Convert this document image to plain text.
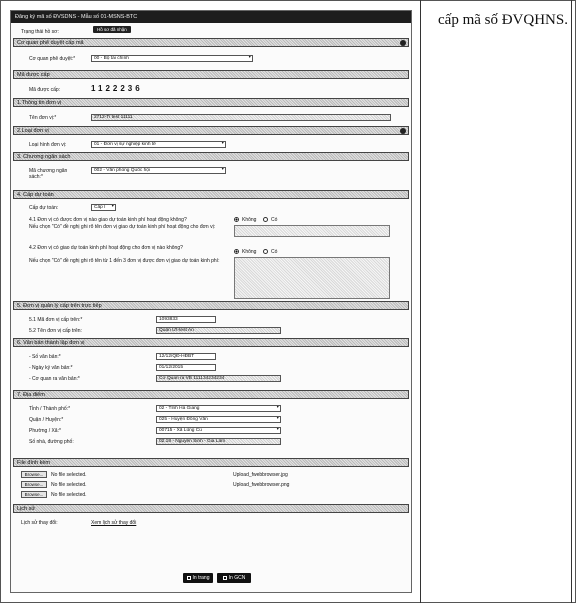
cấp mã số ĐVQHNS.
Đăng ký mã số ĐVSDNS - Mẫu số 01-MSNS-BTC
Trạng thái hồ sơ:	Hồ sơ đã nhận
Cơ quan phê duyệt cấp mã
Cơ quan phê duyệt:*	00 - Bộ tài chính ▾
Mã được cấp
Mã được cấp:	1122236
1.Thông tin đơn vị
Tên đơn vị:*	2712-Tỉ test 11111
2.Loại đơn vị
Loại hình đơn vị:	01 - Đơn vị sự nghiệp kinh tế ▾
3. Chương ngân sách
Mã chương ngân sách:*
002 - Văn phòng Quốc hội ▾
4. Cấp dự toán
Cấp dự toán:	Cấp I ▾
4.1 Đơn vị có được đơn vị nào giao dự toán kinh phí hoạt động không?	Không	Có
Nếu chọn "Có" đề nghị ghi rõ tên đơn vị giao dự toán kinh phí hoạt động cho đơn vị:
4.2 Đơn vị có giao dự toán kinh phí hoạt động cho đơn vị nào không?
Không	Có
Nếu chọn "Có" đề nghị ghi rõ tên từ 1 đến 3 đơn vị được đơn vị giao dự toán kinh phí:
5. Đơn vị quản lý cấp trên trực tiếp
5.1 Mã đơn vị cấp trên:*	1093833
5.2 Tên đơn vị cấp trên:	Quận Ưt-test An
6. Văn bản thành lập đơn vị
- Số văn bản:*	12/12/QĐ-HĐBT
- Ngày ký văn bản:*	01/12/2015
- Cơ quan ra văn bản:*	Cơ Quan ra VB 111134234234
7. Địa điểm
Tỉnh / Thành phố:*	02 - Tỉnh Hà Giang ▾
Quận / Huyện:*	025 - Huyện Đồng Văn ▾
Phường / Xã:*	00715 - Xã Lũng Cú ▾
Số nhà, đường phố:	02.18 - Nguyễn Sinh - Gia Lâm
File đính kèm
Browse...	No file selected.	Upload_fwebbrowser.jpg
Browse...	No file selected.	Upload_fwebbrowser.png
Browse...	No file selected.
Lịch sử
Lịch sử thay đổi:	Xem lịch sử thay đổi
In trang	In GCN
